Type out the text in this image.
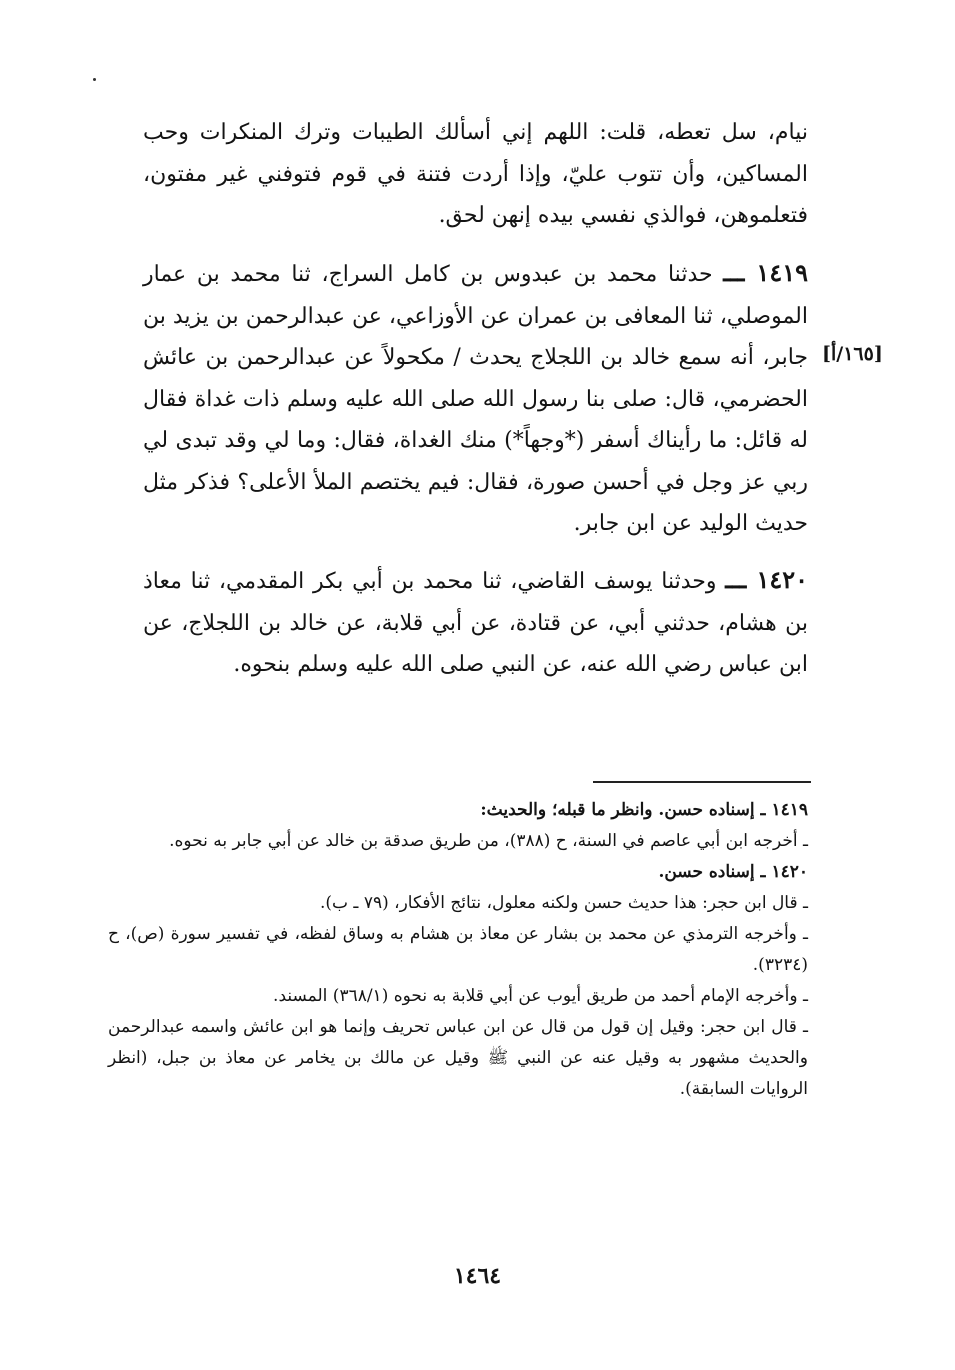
نيام، سل تعطه، قلت: اللهم إني أسألك الطيبات وترك المنكرات وحب المساكين، وأن تتوب عليّ، وإذا أردت فتنة في قوم فتوفني غير مفتون، فتعلموهن، فوالذي نفسي بيده إنهن لحق.
١٤١٩ ـــ حدثنا محمد بن عبدوس بن كامل السراج، ثنا محمد بن عمار الموصلي، ثنا المعافى بن عمران عن الأوزاعي، عن عبدالرحمن بن يزيد بن جابر، أنه سمع خالد بن اللجلاج يحدث / مكحولاً عن عبدالرحمن بن عائش الحضرمي، قال: صلى بنا رسول الله صلى الله عليه وسلم ذات غداة فقال له قائل: ما رأيناك أسفر (*وجهاً*) منك الغداة، فقال: وما لي وقد تبدى لي ربي عز وجل في أحسن صورة، فقال: فيم يختصم الملأ الأعلى؟ فذكر مثل حديث الوليد عن ابن جابر.
[١٦٥/أ]
١٤٢٠ ـــ وحدثنا يوسف القاضي، ثنا محمد بن أبي بكر المقدمي، ثنا معاذ بن هشام، حدثني أبي، عن قتادة، عن أبي قلابة، عن خالد بن اللجلاج، عن ابن عباس رضي الله عنه، عن النبي صلى الله عليه وسلم بنحوه.
١٤١٩ ـ إسناده حسن. وانظر ما قبله؛ والحديث:
ـ أخرجه ابن أبي عاصم في السنة، ح (٣٨٨)، من طريق صدقة بن خالد عن أبي جابر به نحوه.
١٤٢٠ ـ إسناده حسن.
ـ قال ابن حجر: هذا حديث حسن ولكنه معلول، نتائج الأفكار، (٧٩ ـ ب).
ـ وأخرجه الترمذي عن محمد بن بشار عن معاذ بن هشام به وساق لفظه، في تفسير سورة (ص)، ح (٣٢٣٤).
ـ وأخرجه الإمام أحمد من طريق أيوب عن أبي قلابة به نحوه (٣٦٨/١) المسند.
ـ قال ابن حجر: وقيل إن قول من قال عن ابن عباس تحريف وإنما هو ابن عائش واسمه عبدالرحمن والحديث مشهور به وقيل عنه عن النبي ﷺ وقيل عن مالك بن يخامر عن معاذ بن جبل، (انظر الروايات السابقة).
١٤٦٤
